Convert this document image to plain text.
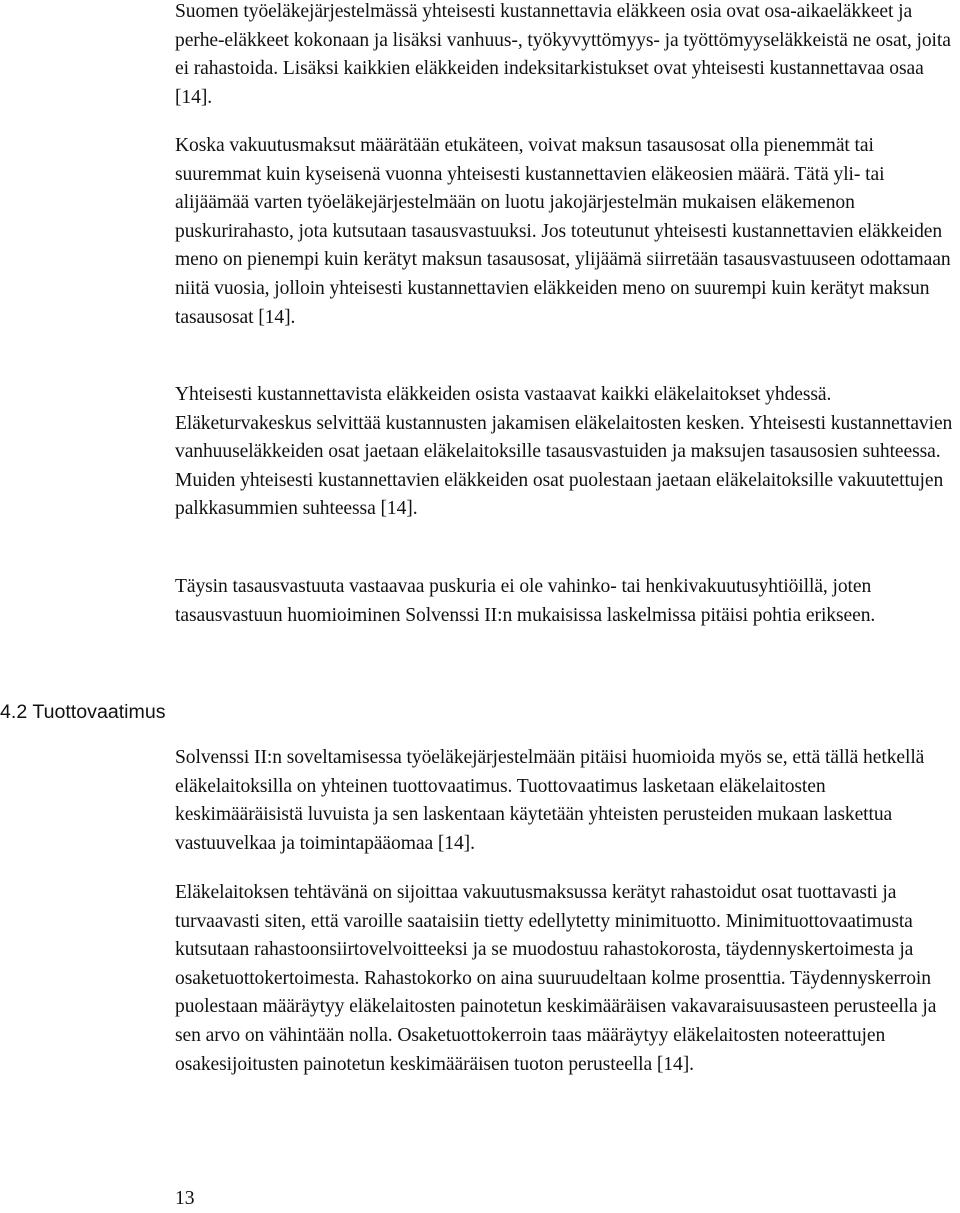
Suomen työeläkejärjestelmässä yhteisesti kustannettavia eläkkeen osia ovat osa-aikaeläkkeet ja perhe-eläkkeet kokonaan ja lisäksi vanhuus-, työkyvyttömyys- ja työttömyyseläkkeistä ne osat, joita ei rahastoida. Lisäksi kaikkien eläkkeiden indeksitarkistukset ovat yhteisesti kustannettavaa osaa [14].

Koska vakuutusmaksut määrätään etukäteen, voivat maksun tasausosat olla pienemmät tai suuremmat kuin kyseisenä vuonna yhteisesti kustannettavien eläkeosien määrä. Tätä yli- tai alijäämää varten työeläkejärjestelmään on luotu jakojärjestelmän mukaisen eläkemenon puskurirahasto, jota kutsutaan tasausvastuuksi. Jos toteutunut yhteisesti kustannettavien eläkkeiden meno on pienempi kuin kerätyt maksun tasausosat, ylijäämä siirretään tasausvastuuseen odottamaan niitä vuosia, jolloin yhteisesti kustannettavien eläkkeiden meno on suurempi kuin kerätyt maksun tasausosat [14].

Yhteisesti kustannettavista eläkkeiden osista vastaavat kaikki eläkelaitokset yhdessä. Eläketurvakeskus selvittää kustannusten jakamisen eläkelaitosten kesken. Yhteisesti kustannettavien vanhuuseläkkeiden osat jaetaan eläkelaitoksille tasausvastuiden ja maksujen tasausosien suhteessa. Muiden yhteisesti kustannettavien eläkkeiden osat puolestaan jaetaan eläkelaitoksille vakuutettujen palkkasummien suhteessa [14].

Täysin tasausvastuuta vastaavaa puskuria ei ole vahinko- tai henkivakuutusyhtiöillä, joten tasausvastuun huomioiminen Solvenssi II:n mukaisissa laskelmissa pitäisi pohtia erikseen.

4.2 Tuottovaatimus

Solvenssi II:n soveltamisessa työeläkejärjestelmään pitäisi huomioida myös se, että tällä hetkellä eläkelaitoksilla on yhteinen tuottovaatimus. Tuottovaatimus lasketaan eläkelaitosten keskimääräisistä luvuista ja sen laskentaan käytetään yhteisten perusteiden mukaan laskettua vastuuvelkaa ja toimintapääomaa [14].

Eläkelaitoksen tehtävänä on sijoittaa vakuutusmaksussa kerätyt rahastoidut osat tuottavasti ja turvaavasti siten, että varoille saataisiin tietty edellytetty minimituotto. Minimituottovaatimusta kutsutaan rahastoonsiirtovelvoitteeksi ja se muodostuu rahastokorosta, täydennyskertoimesta ja osaketuottokertoimesta. Rahastokorko on aina suuruudeltaan kolme prosenttia. Täydennyskerroin puolestaan määräytyy eläkelaitosten painotetun keskimääräisen vakavaraisuusasteen perusteella ja sen arvo on vähintään nolla. Osaketuottokerroin taas määräytyy eläkelaitosten noteerattujen osakesijoitusten painotetun keskimääräisen tuoton perusteella [14].

13
